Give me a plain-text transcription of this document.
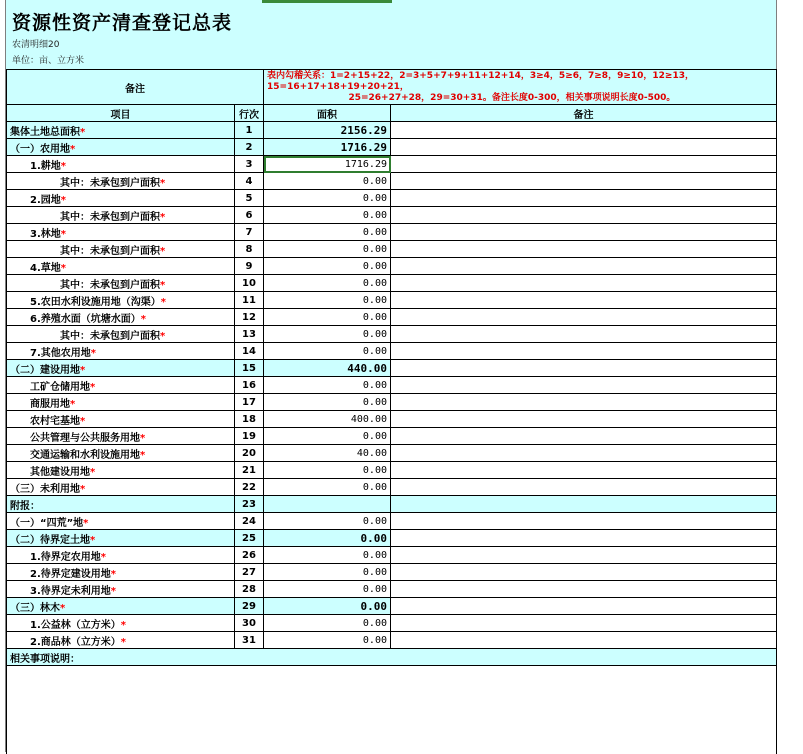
资源性资产清查登记总表
农清明细20
单位：亩、立方米
备注		表内勾稽关系：1=2+15+22，2=3+5+7+9+11+12+14，3≥4，5≥6，7≥8，9≥10，12≥13，
15=16+17+18+19+20+21，
25=26+27+28，29=30+31。备注长度0-300，相关事项说明长度0-500。	
项目	行次	面积	备注
集体土地总面积*	1	2156.29	
（一）农用地*	2	1716.29	
1.耕地*	3	1716.29	
其中：未承包到户面积*	4	0.00	
2.园地*	5	0.00	
其中：未承包到户面积*	6	0.00	
3.林地*	7	0.00	
其中：未承包到户面积*	8	0.00	
4.草地*	9	0.00	
其中：未承包到户面积*	10	0.00	
5.农田水利设施用地（沟渠）*	11	0.00	
6.养殖水面（坑塘水面）*	12	0.00	
其中：未承包到户面积*	13	0.00	
7.其他农用地*	14	0.00	
（二）建设用地*	15	440.00	
工矿仓储用地*	16	0.00	
商服用地*	17	0.00	
农村宅基地*	18	400.00	
公共管理与公共服务用地*	19	0.00	
交通运输和水利设施用地*	20	40.00	
其他建设用地*	21	0.00	
（三）未利用地*	22	0.00	
附报：	23		
（一）“四荒”地*	24	0.00	
（二）待界定土地*	25	0.00	
1.待界定农用地*	26	0.00	
2.待界定建设用地*	27	0.00	
3.待界定未利用地*	28	0.00	
（三）林木*	29	0.00	
1.公益林（立方米）*	30	0.00	
2.商品林（立方米）*	31	0.00	
相关事项说明：			
